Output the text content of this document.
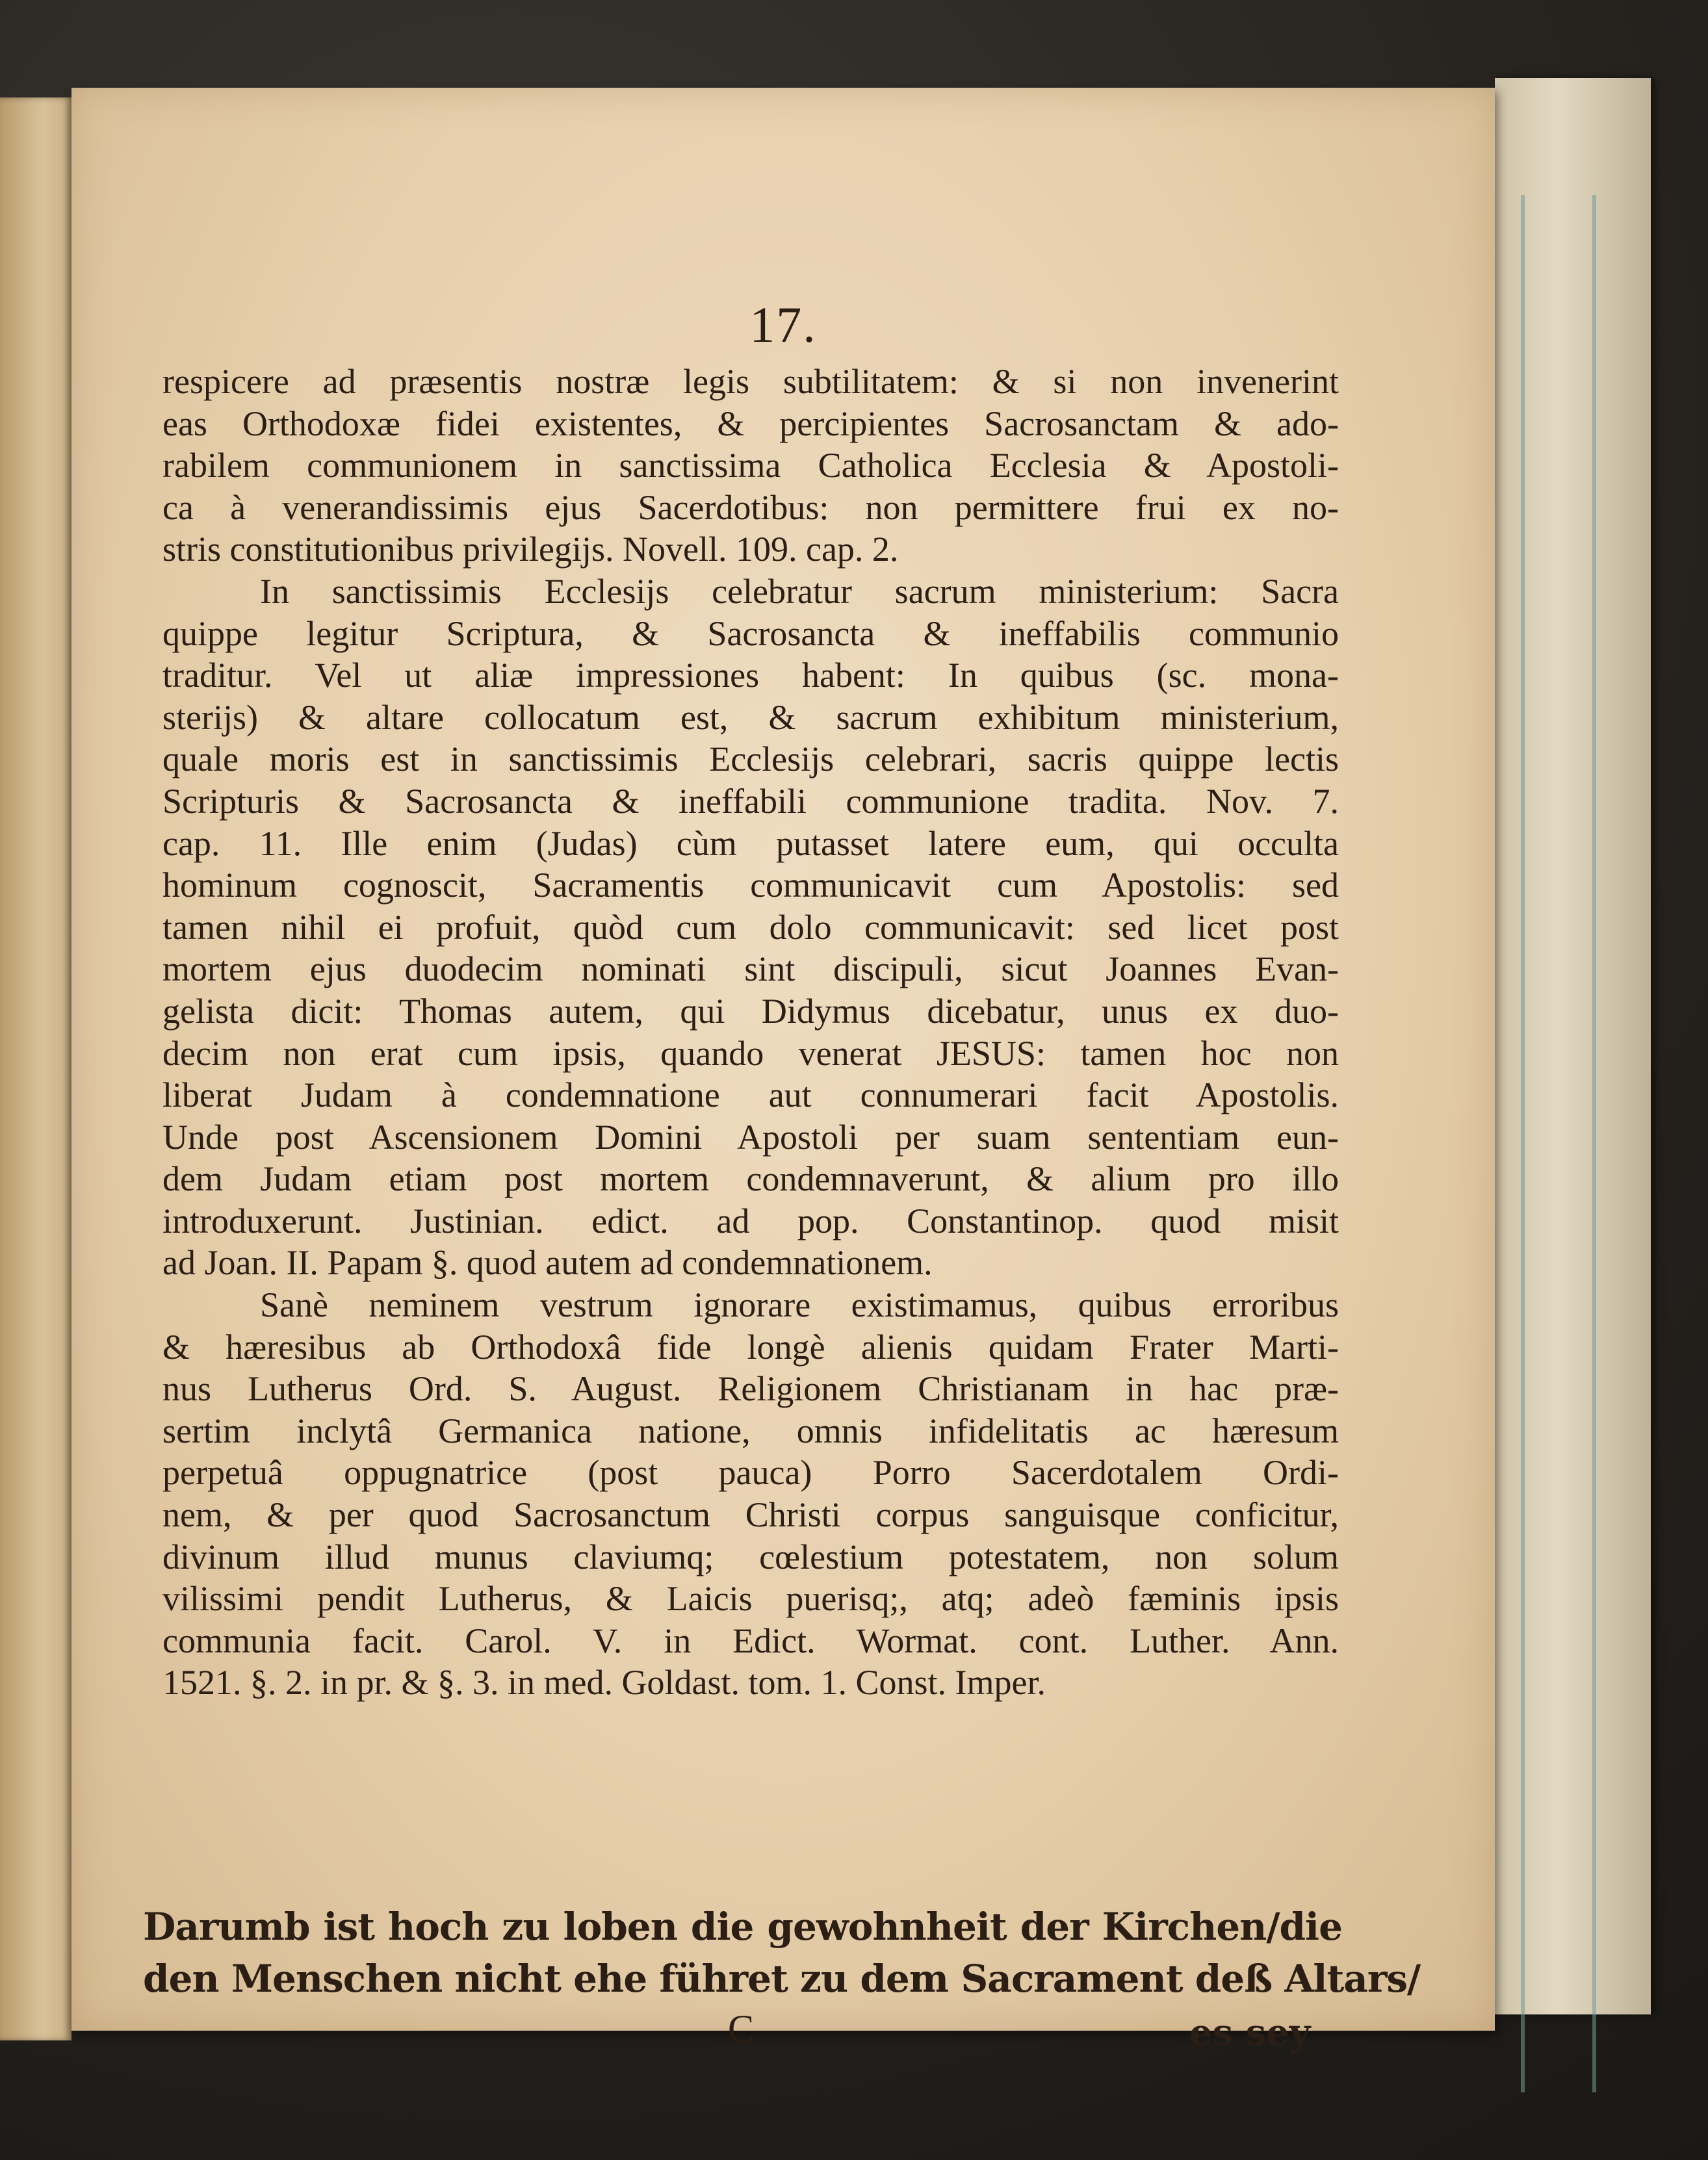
17.
respicere ad præsentis nostræ legis subtilitatem: & si non invenerint
eas Orthodoxæ fidei existentes, & percipientes Sacrosanctam & ado-
rabilem communionem in sanctissima Catholica Ecclesia & Apostoli-
ca à venerandissimis ejus Sacerdotibus: non permittere frui ex no-
stris constitutionibus privilegijs. Novell. 109. cap. 2.
In sanctissimis Ecclesijs celebratur sacrum ministerium: Sacra
quippe legitur Scriptura, & Sacrosancta & ineffabilis communio
traditur. Vel ut aliæ impressiones habent: In quibus (sc. mona-
sterijs) & altare collocatum est, & sacrum exhibitum ministerium,
quale moris est in sanctissimis Ecclesijs celebrari, sacris quippe lectis
Scripturis & Sacrosancta & ineffabili communione tradita. Nov. 7.
cap. 11. Ille enim (Judas) cùm putasset latere eum, qui occulta
hominum cognoscit, Sacramentis communicavit cum Apostolis: sed
tamen nihil ei profuit, quòd cum dolo communicavit: sed licet post
mortem ejus duodecim nominati sint discipuli, sicut Joannes Evan-
gelista dicit: Thomas autem, qui Didymus dicebatur, unus ex duo-
decim non erat cum ipsis, quando venerat JESUS: tamen hoc non
liberat Judam à condemnatione aut connumerari facit Apostolis.
Unde post Ascensionem Domini Apostoli per suam sententiam eun-
dem Judam etiam post mortem condemnaverunt, & alium pro illo
introduxerunt. Justinian. edict. ad pop. Constantinop. quod misit
ad Joan. II. Papam §. quod autem ad condemnationem.
Sanè neminem vestrum ignorare existimamus, quibus erroribus
& hæresibus ab Orthodoxâ fide longè alienis quidam Frater Marti-
nus Lutherus Ord. S. August. Religionem Christianam in hac præ-
sertim inclytâ Germanica natione, omnis infidelitatis ac hæresum
perpetuâ oppugnatrice (post pauca) Porro Sacerdotalem Ordi-
nem, & per quod Sacrosanctum Christi corpus sanguisque conficitur,
divinum illud munus claviumq; cœlestium potestatem, non solum
vilissimi pendit Lutherus, & Laicis puerisq;, atq; adeò fæminis ipsis
communia facit. Carol. V. in Edict. Wormat. cont. Luther. Ann.
1521. §. 2. in pr. & §. 3. in med. Goldast. tom. 1. Const. Imper.
Darumb ist hoch zu loben die gewohnheit der Kirchen/die
den Menschen nicht ehe führet zu dem Sacrament deß Altars/
C	es sey
